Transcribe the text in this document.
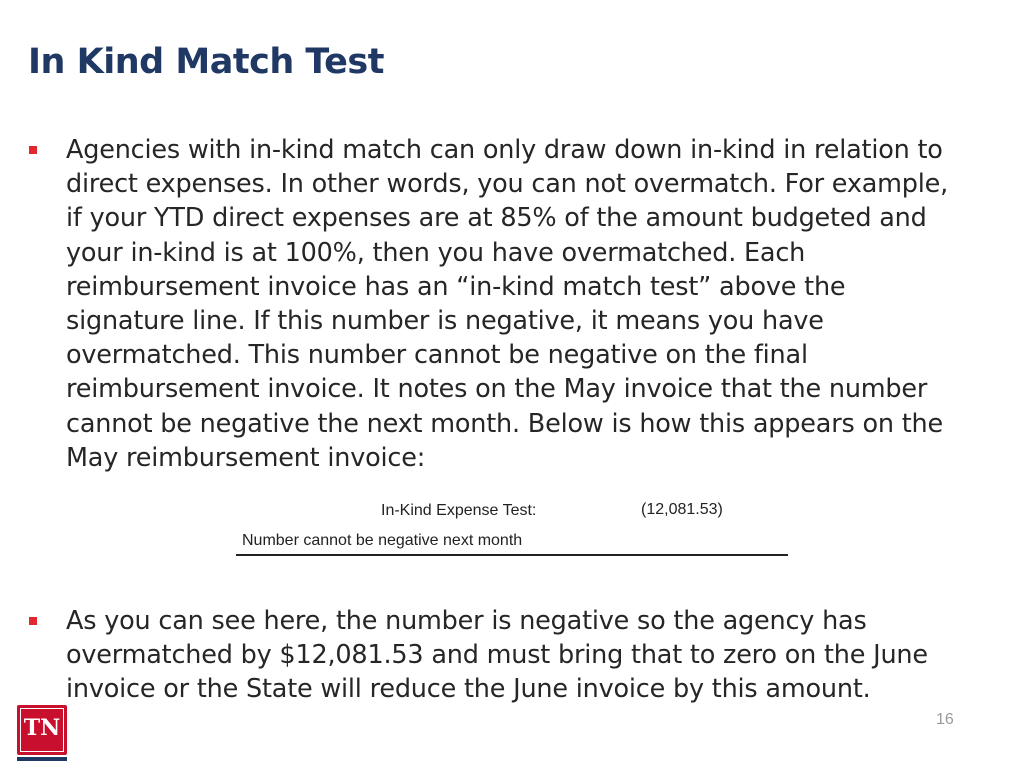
In Kind Match Test
Agencies with in-kind match can only draw down in-kind in relation to
direct expenses. In other words, you can not overmatch. For example,
if your YTD direct expenses are at 85% of the amount budgeted and
your in-kind is at 100%, then you have overmatched. Each
reimbursement invoice has an “in-kind match test” above the
signature line. If this number is negative, it means you have
overmatched. This number cannot be negative on the final
reimbursement invoice. It notes on the May invoice that the number
cannot be negative the next month. Below is how this appears on the
May reimbursement invoice:
In-Kind Expense Test:	(12,081.53)
Number cannot be negative next month
As you can see here, the number is negative so the agency has
overmatched by $12,081.53 and must bring that to zero on the June
invoice or the State will reduce the June invoice by this amount.
TN	16
